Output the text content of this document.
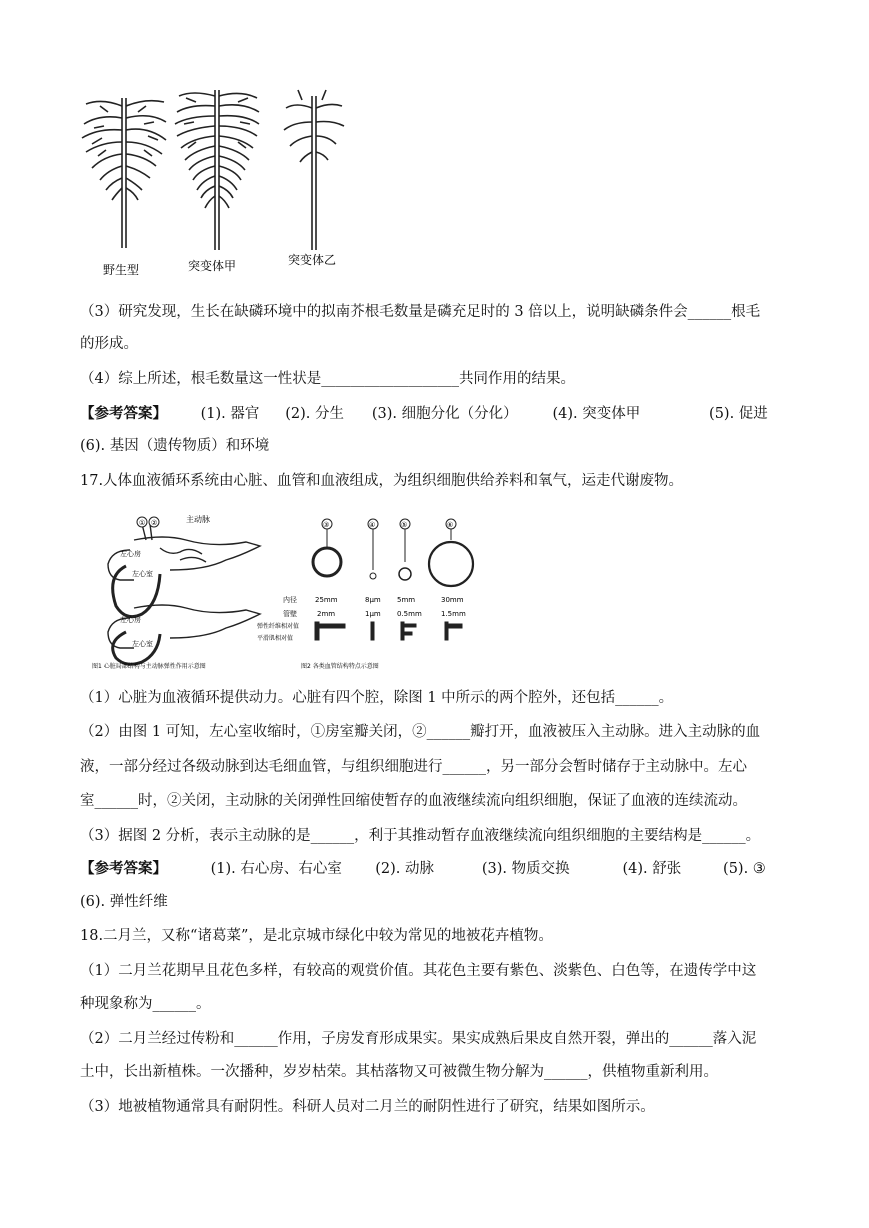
野生型	突变体甲	突变体乙
（3）研究发现，生长在缺磷环境中的拟南芥根毛数量是磷充足时的 3 倍以上，说明缺磷条件会______根毛
的形成。
（4）综上所述，根毛数量这一性状是___________________共同作用的结果。
【参考答案】 (1). 器官 (2). 分生 (3). 细胞分化（分化） (4). 突变体甲	(5). 促进
(6). 基因（遗传物质）和环境
17.人体血液循环系统由心脏、血管和血液组成，为组织细胞供给养料和氧气，运走代谢废物。
① ②	主动脉
左心房
左心室
左心房
左心室
图1 心脏局部结构与主动脉弹性作用示意图
③	④	⑤	⑥
内径	25mm	8μm 5mm	30mm
管壁	2mm	1μm 0.5mm	1.5mm
弹性纤维相对值
平滑肌相对值
图2 各类血管结构特点示意图
（1）心脏为血液循环提供动力。心脏有四个腔，除图 1 中所示的两个腔外，还包括______。
（2）由图 1 可知，左心室收缩时，①房室瓣关闭，②______瓣打开，血液被压入主动脉。进入主动脉的血
液，一部分经过各级动脉到达毛细血管，与组织细胞进行______，另一部分会暂时储存于主动脉中。左心
室______时，②关闭，主动脉的关闭弹性回缩使暂存的血液继续流向组织细胞，保证了血液的连续流动。
（3）据图 2 分析，表示主动脉的是______，利于其推动暂存血液继续流向组织细胞的主要结构是______。
【参考答案】	(1). 右心房、右心室 (2). 动脉	(3). 物质交换	(4). 舒张	(5). ③
(6). 弹性纤维
18.二月兰，又称“诸葛菜”，是北京城市绿化中较为常见的地被花卉植物。
（1）二月兰花期早且花色多样，有较高的观赏价值。其花色主要有紫色、淡紫色、白色等，在遗传学中这
种现象称为______。
（2）二月兰经过传粉和______作用，子房发育形成果实。果实成熟后果皮自然开裂，弹出的______落入泥
土中，长出新植株。一次播种，岁岁枯荣。其枯落物又可被微生物分解为______，供植物重新利用。
（3）地被植物通常具有耐阴性。科研人员对二月兰的耐阴性进行了研究，结果如图所示。
